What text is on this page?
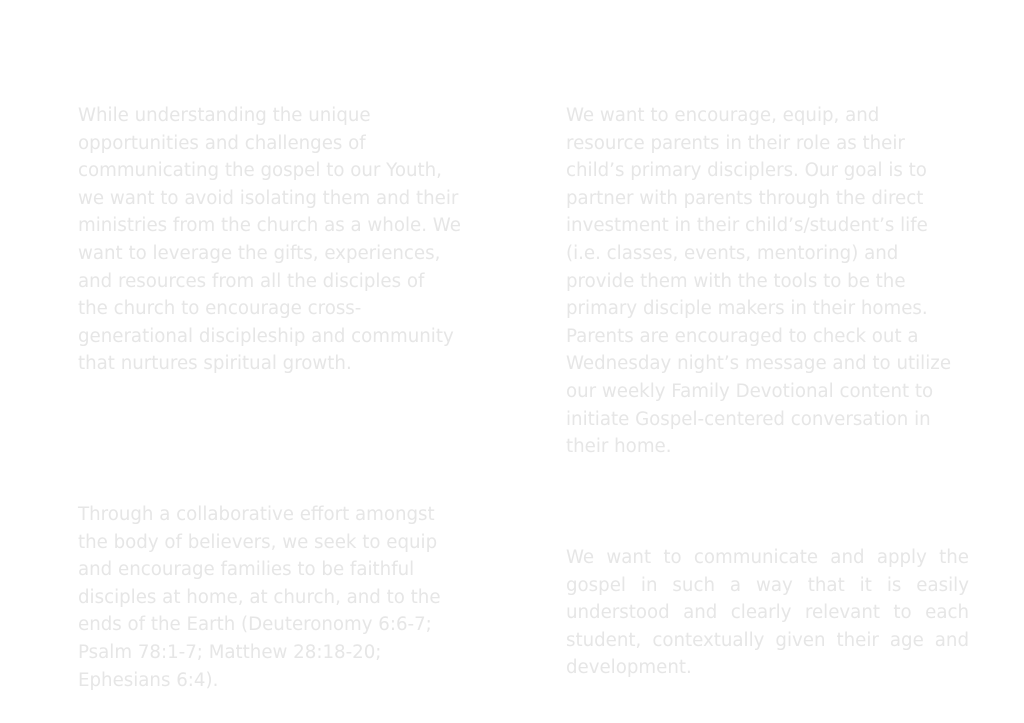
While understanding the unique
opportunities and challenges of
communicating the gospel to our Youth,
we want to avoid isolating them and their
ministries from the church as a whole. We
want to leverage the gifts, experiences,
and resources from all the disciples of
the church to encourage cross-
generational discipleship and community
that nurtures spiritual growth.

We want to encourage, equip, and
resource parents in their role as their
child’s primary disciplers. Our goal is to
partner with parents through the direct
investment in their child’s/student’s life
(i.e. classes, events, mentoring) and
provide them with the tools to be the
primary disciple makers in their homes.
Parents are encouraged to check out a
Wednesday night’s message and to utilize
our weekly Family Devotional content to
initiate Gospel-centered conversation in
their home.

Through a collaborative effort amongst
the body of believers, we seek to equip
and encourage families to be faithful
disciples at home, at church, and to the
ends of the Earth (Deuteronomy 6:6-7;
Psalm 78:1-7; Matthew 28:18-20;
Ephesians 6:4).

We want to communicate and apply the gospel in such a way that it is easily understood and clearly relevant to each student, contextually given their age and development.
